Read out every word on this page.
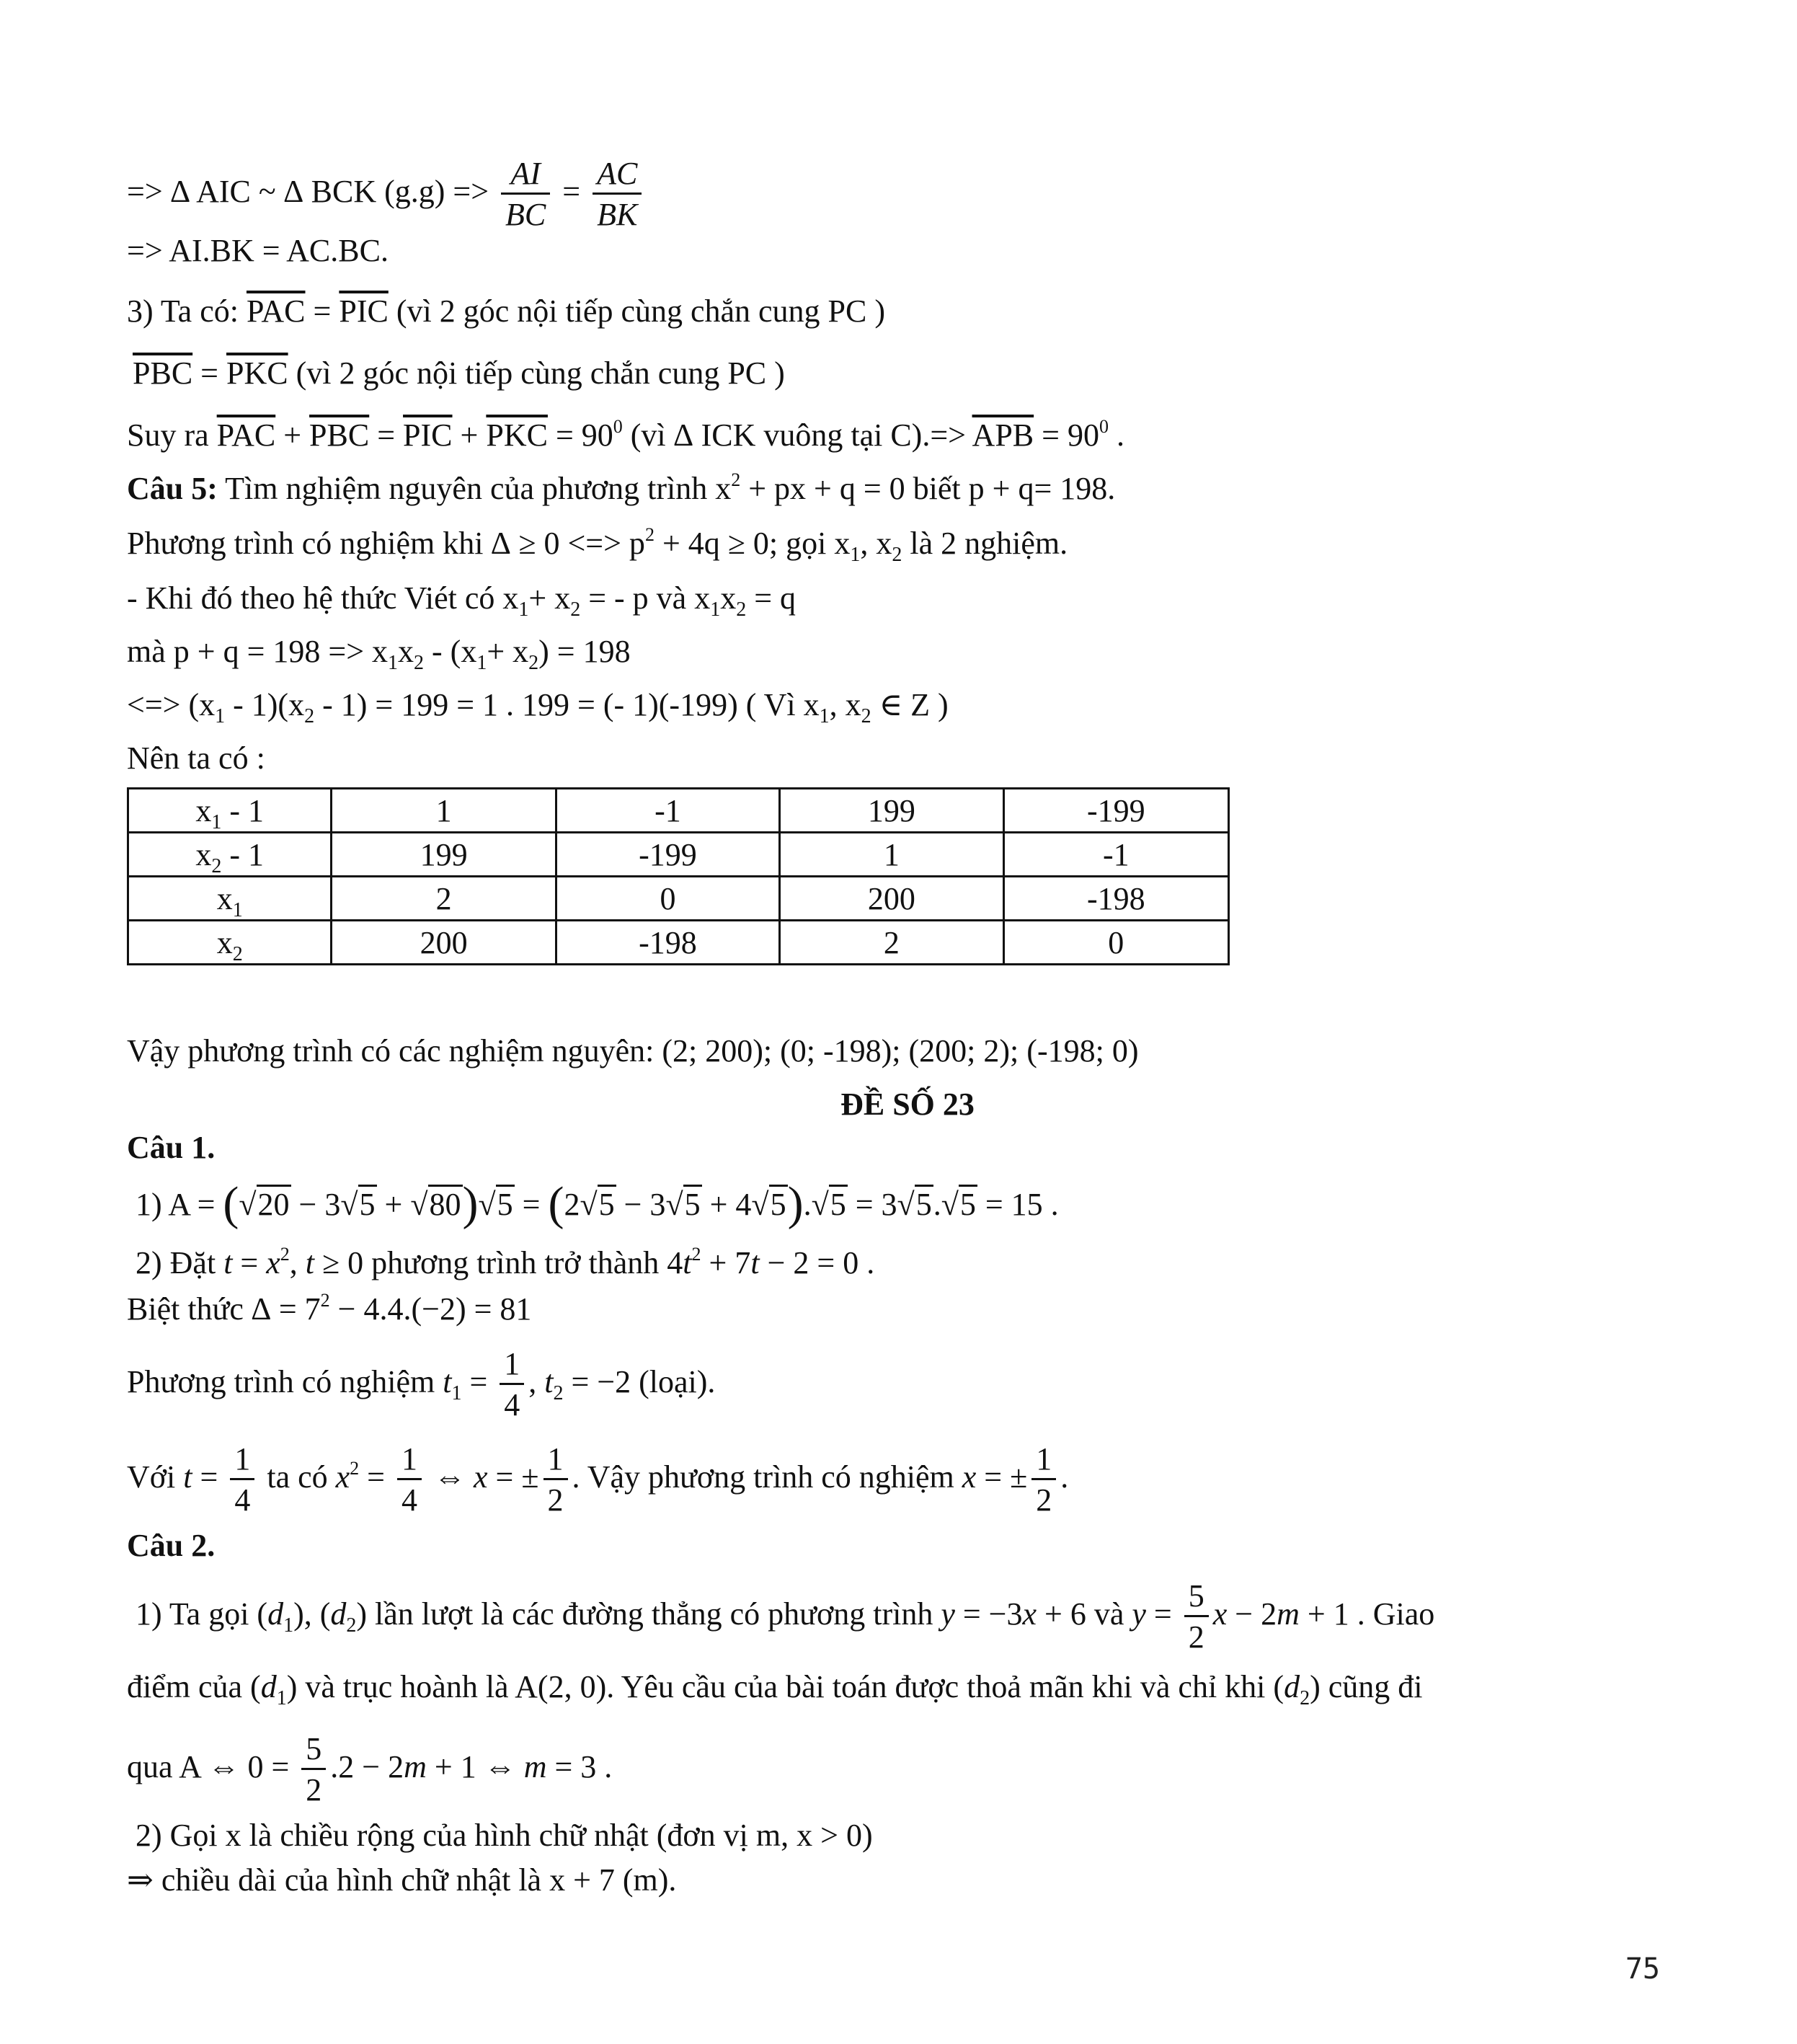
=> ∆ AIC ~ ∆ BCK $(g.g) => \frac{AI}{BC} = \frac{AC}{BK}$
=> AI.BK = AC.BC.
3) Ta có: $\overline{PAC} = \overline{PIC}$ (vì 2 góc nội tiếp cùng chắn cung PC )
$\overline{PBC} = \overline{PKC}$ (vì 2 góc nội tiếp cùng chắn cung PC )
Suy ra $\overline{PAC} + \overline{PBC} = \overline{PIC} + \overline{PKC} = 90^0$ (vì ∆ ICK vuông tại $C).=> \overline{APB} = 90^0$ .
Câu 5: Tìm nghiệm nguyên của phương trình $x^2$ + px + q = 0 biết p + q= 198.
Phương trình có nghiệm khi ∆ ≥ 0 <=> $p^2 + 4q \ge 0$; gọi $x_1$, $x_2$ là 2 nghiệm.
- Khi đó theo hệ thức Viét có $x_1+ x_2$ = - p và $x_1x_2 = q$
mà $p + q = 198 => x_1x_2 - (x_1+ x_2) = 198$
<=> $(x_1 - 1)(x_2 - 1) = 199 = 1$ . 199 = (- 1)(-199) ( Vì $x_1$, $x_2$ ∈ Z )
Nên ta có :
$x_1 - 1$	1	-1	199	-199
$x_2 - 1$	199	-199	1	-1
$x_1$	2	0	200	-198
$x_2$	200	-198	2	0
Vậy phương trình có các nghiệm nguyên: (2; 200); (0; -198); (200; 2); (-198; 0)
ĐỀ SỐ 23
Câu 1.
1) A = (√20 − 3√5 + √80)√5 = (2√5 − 3√5 + 4√5).√5 = 3√5.√5 = 15 .
2) Đặt $t = x^2$, t ≥ 0 phương trình trở thành $4t^2 + 7t - 2 = 0$ .
Biệt thức ∆ = $7^2 - 4.4.(-2) = 81$
Phương trình có nghiệm $t_1 = \frac{1}{4}$ , $t_2 = -2$ (loại).
Với $t = \frac{1}{4}$ ta có $x^2 = \frac{1}{4}$ ⇔ x = ± $\frac{1}{2}$ . Vậy phương trình có nghiệm x = ± $\frac{1}{2}$ .
Câu 2.
1) Ta gọi $(d_1)$, $(d_2)$ lần lượt là các đường thẳng có phương trình y = −3x + 6 và $y = \frac{5}{2}$ x − 2m + 1 . Giao
điểm của $(d_1)$ và trục hoành là A(2, 0). Yêu cầu của bài toán được thoả mãn khi và chỉ khi $(d_2)$ cũng đi
qua A ⇔ $0 = \frac{5}{2} .2 - 2m + 1$ ⇔ m = 3 .
2) Gọi x là chiều rộng của hình chữ nhật (đơn vị m, x > 0)
⇒ chiều dài của hình chữ nhật là x + 7 (m).
75
